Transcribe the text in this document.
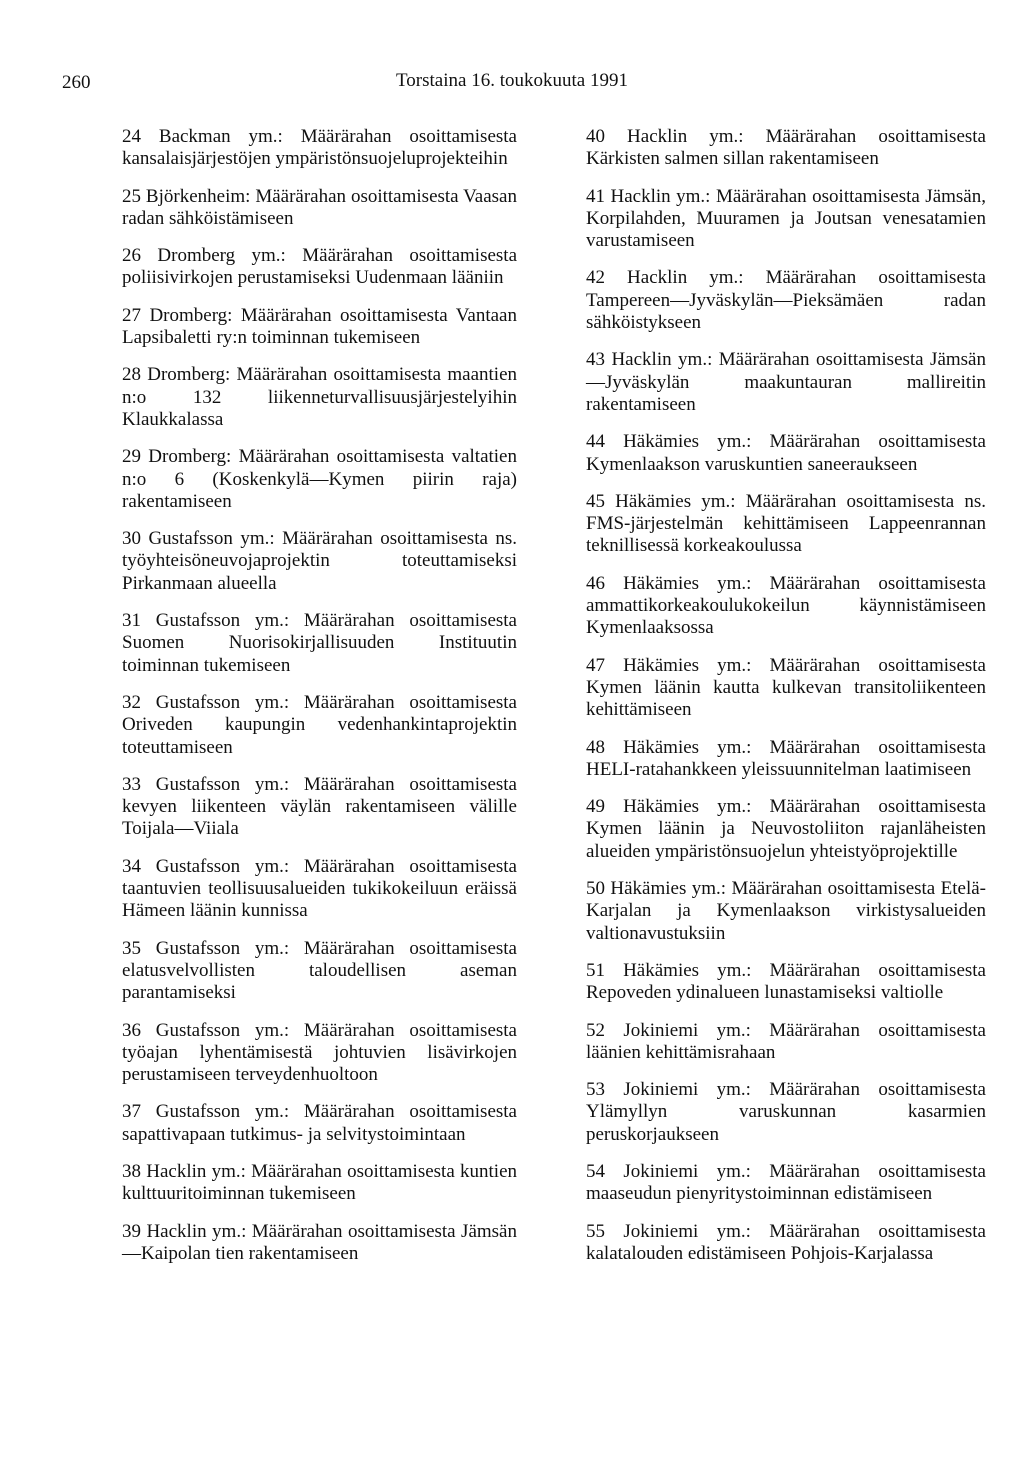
260	Torstaina 16. toukokuuta 1991

24 Backman ym.: Määrärahan osoittamisesta kansalaisjärjestöjen ympäristönsuojeluprojekteihin

25 Björkenheim: Määrärahan osoittamisesta Vaasan radan sähköistämiseen

26 Dromberg ym.: Määrärahan osoittamisesta poliisivirkojen perustamiseksi Uudenmaan lääniin

27 Dromberg: Määrärahan osoittamisesta Vantaan Lapsibaletti ry:n toiminnan tukemiseen

28 Dromberg: Määrärahan osoittamisesta maantien n:o 132 liikenneturvallisuusjärjestelyihin Klaukkalassa

29 Dromberg: Määrärahan osoittamisesta valtatien n:o 6 (Koskenkylä—Kymen piirin raja) rakentamiseen

30 Gustafsson ym.: Määrärahan osoittamisesta ns. työyhteisöneuvojaprojektin toteuttamiseksi Pirkanmaan alueella

31 Gustafsson ym.: Määrärahan osoittamisesta Suomen Nuorisokirjallisuuden Instituutin toiminnan tukemiseen

32 Gustafsson ym.: Määrärahan osoittamisesta Oriveden kaupungin vedenhankintaprojektin toteuttamiseen

33 Gustafsson ym.: Määrärahan osoittamisesta kevyen liikenteen väylän rakentamiseen välille Toijala—Viiala

34 Gustafsson ym.: Määrärahan osoittamisesta taantuvien teollisuusalueiden tukikokeiluun eräissä Hämeen läänin kunnissa

35 Gustafsson ym.: Määrärahan osoittamisesta elatusvelvollisten taloudellisen aseman parantamiseksi

36 Gustafsson ym.: Määrärahan osoittamisesta työajan lyhentämisestä johtuvien lisävirkojen perustamiseen terveydenhuoltoon

37 Gustafsson ym.: Määrärahan osoittamisesta sapattivapaan tutkimus- ja selvitystoimintaan

38 Hacklin ym.: Määrärahan osoittamisesta kuntien kulttuuritoiminnan tukemiseen

39 Hacklin ym.: Määrärahan osoittamisesta Jämsän—Kaipolan tien rakentamiseen

40 Hacklin ym.: Määrärahan osoittamisesta Kärkisten salmen sillan rakentamiseen

41 Hacklin ym.: Määrärahan osoittamisesta Jämsän, Korpilahden, Muuramen ja Joutsan venesatamien varustamiseen

42 Hacklin ym.: Määrärahan osoittamisesta Tampereen—Jyväskylän—Pieksämäen radan sähköistykseen

43 Hacklin ym.: Määrärahan osoittamisesta Jämsän—Jyväskylän maakuntauran mallireitin rakentamiseen

44 Häkämies ym.: Määrärahan osoittamisesta Kymenlaakson varuskuntien saneeraukseen

45 Häkämies ym.: Määrärahan osoittamisesta ns. FMS-järjestelmän kehittämiseen Lappeenrannan teknillisessä korkeakoulussa

46 Häkämies ym.: Määrärahan osoittamisesta ammattikorkeakoulukokeilun käynnistämiseen Kymenlaaksossa

47 Häkämies ym.: Määrärahan osoittamisesta Kymen läänin kautta kulkevan transitoliikenteen kehittämiseen

48 Häkämies ym.: Määrärahan osoittamisesta HELI-ratahankkeen yleissuunnitelman laatimiseen

49 Häkämies ym.: Määrärahan osoittamisesta Kymen läänin ja Neuvostoliiton rajanläheisten alueiden ympäristönsuojelun yhteistyöprojektille

50 Häkämies ym.: Määrärahan osoittamisesta Etelä-Karjalan ja Kymenlaakson virkistysalueiden valtionavustuksiin

51 Häkämies ym.: Määrärahan osoittamisesta Repoveden ydinalueen lunastamiseksi valtiolle

52 Jokiniemi ym.: Määrärahan osoittamisesta läänien kehittämisrahaan

53 Jokiniemi ym.: Määrärahan osoittamisesta Ylämyllyn varuskunnan kasarmien peruskorjaukseen

54 Jokiniemi ym.: Määrärahan osoittamisesta maaseudun pienyritystoiminnan edistämiseen

55 Jokiniemi ym.: Määrärahan osoittamisesta kalatalouden edistämiseen Pohjois-Karjalassa
